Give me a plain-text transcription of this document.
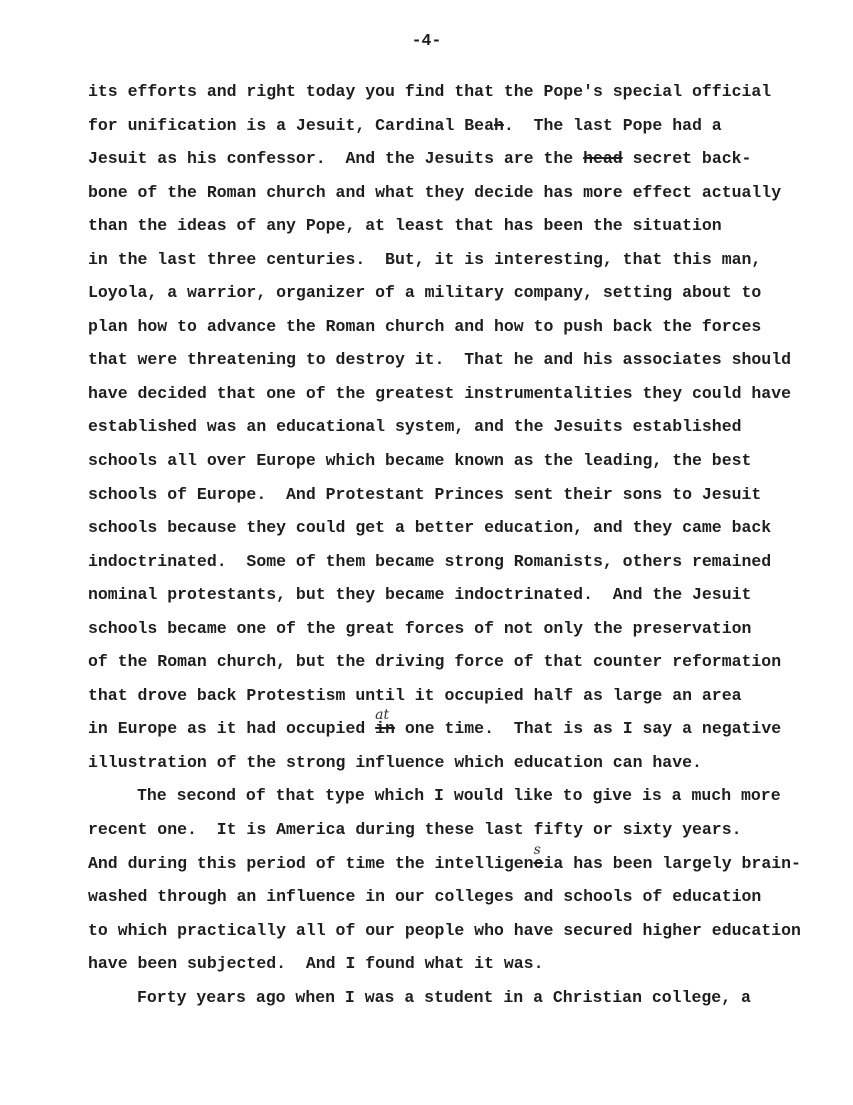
-4-
its efforts and right today you find that the Pope's special official
for unification is a Jesuit, Cardinal Beah.  The last Pope had a
Jesuit as his confessor.  And the Jesuits are the head secret back-
bone of the Roman church and what they decide has more effect actually
than the ideas of any Pope, at least that has been the situation
in the last three centuries.  But, it is interesting, that this man,
Loyola, a warrior, organizer of a military company, setting about to
plan how to advance the Roman church and how to push back the forces
that were threatening to destroy it.  That he and his associates should
have decided that one of the greatest instrumentalities they could have
established was an educational system, and the Jesuits established
schools all over Europe which became known as the leading, the best
schools of Europe.  And Protestant Princes sent their sons to Jesuit
schools because they could get a better education, and they came back
indoctrinated.  Some of them became strong Romanists, others remained
nominal protestants, but they became indoctrinated.  And the Jesuit
schools became one of the great forces of not only the preservation
of the Roman church, but the driving force of that counter reformation
that drove back Protestism until it occupied half as large an area
in Europe as it had occupied in
at
one time.  That is as I say a negative
illustration of the strong influence which education can have.
The second of that type which I would like to give is a much more
recent one.  It is America during these last fifty or sixty years.
And during this period of time the intelligenc
s
ia has been largely brain-
washed through an influence in our colleges and schools of education
to which practically all of our people who have secured higher education
have been subjected.  And I found what it was.
Forty years ago when I was a student in a Christian college, a
